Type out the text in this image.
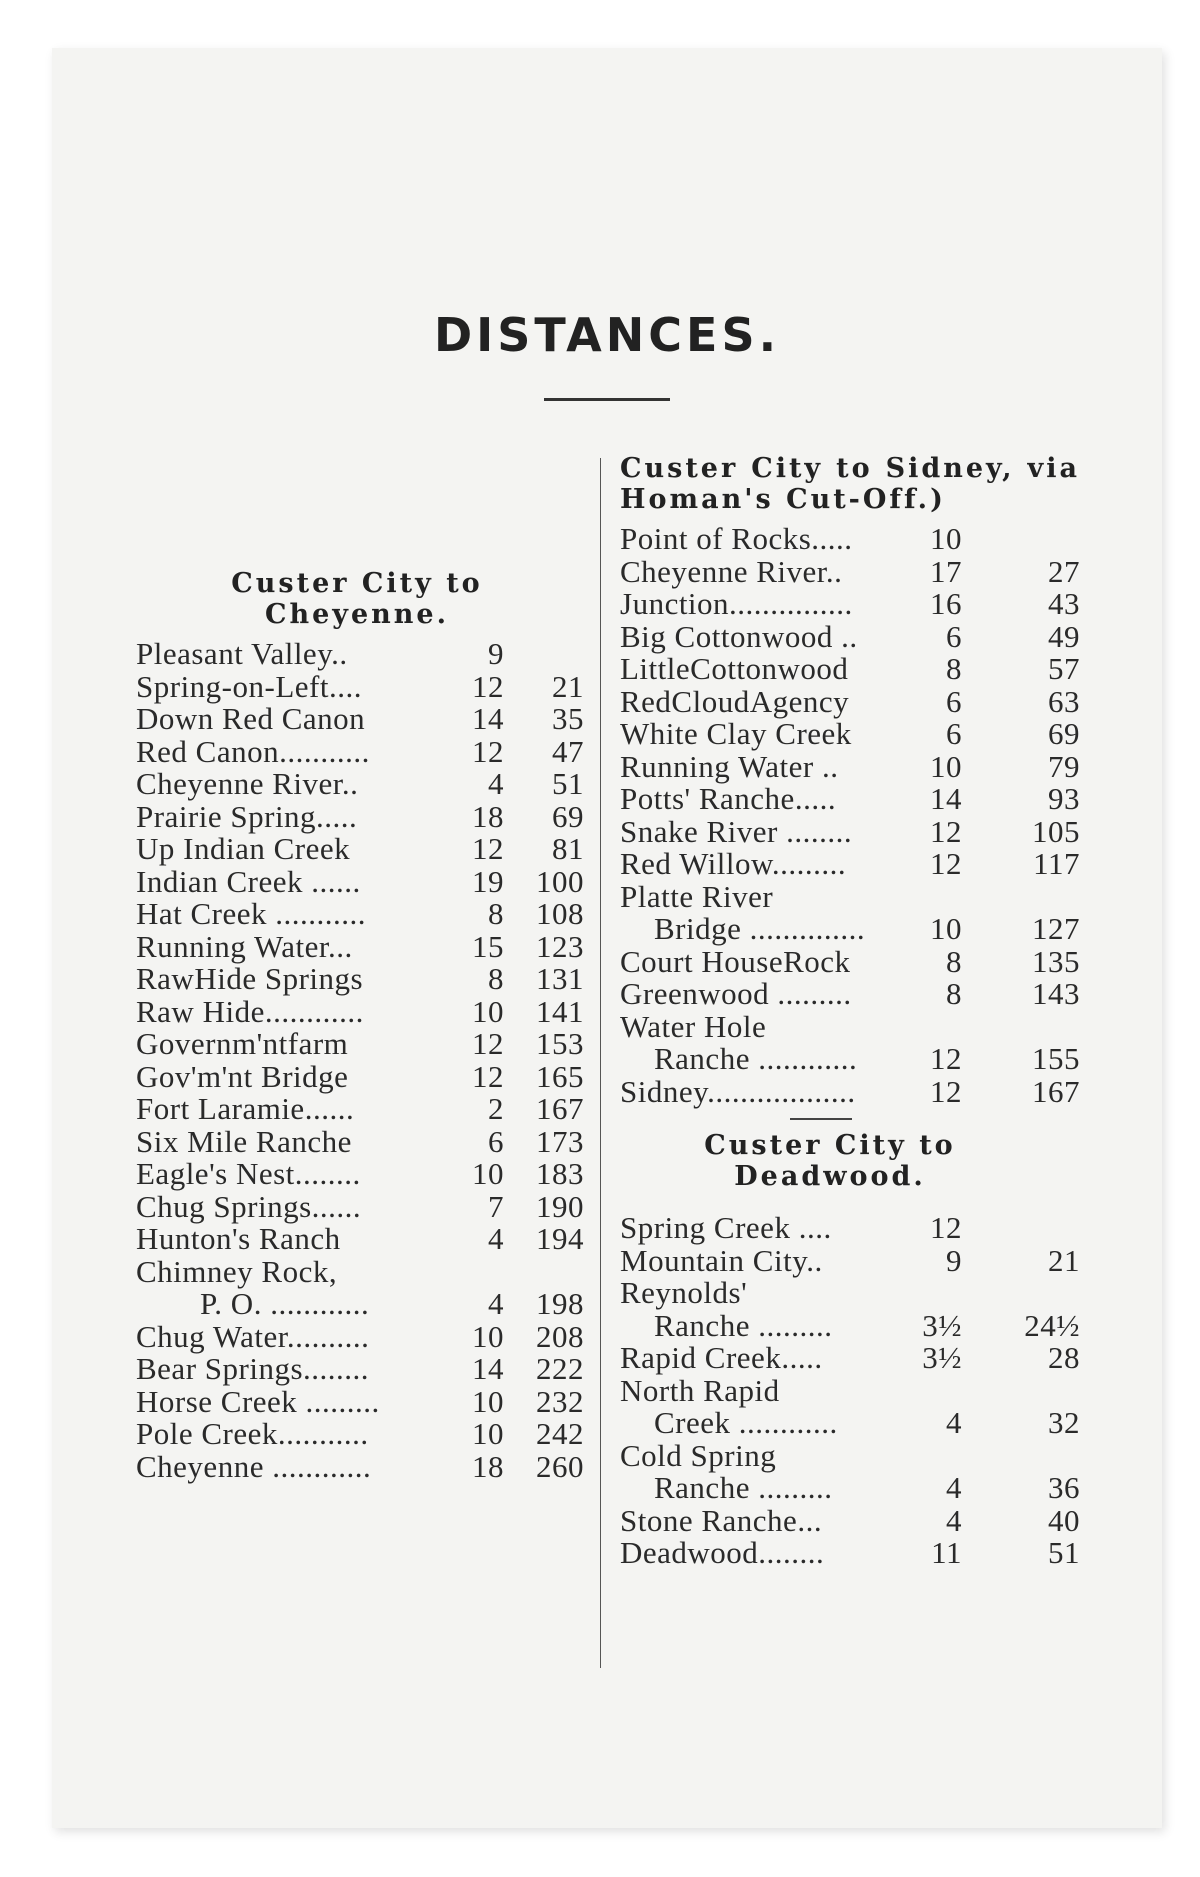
DISTANCES.
Custer City to Cheyenne.
Pleasant Valley..	9
Spring-on-Left....	12 21
Down Red Canon	14 35
Red Canon...........	12 47
Cheyenne River..	4 51
Prairie Spring.....	18 69
Up Indian Creek	12 81
Indian Creek ......	19 100
Hat Creek ...........	8 108
Running Water...	15 123
RawHide Springs	8 131
Raw Hide............	10 141
Governm'ntfarm	12 153
Gov'm'nt Bridge	12 165
Fort Laramie......	2 167
Six Mile Ranche	6 173
Eagle's Nest........	10 183
Chug Springs......	7 190
Hunton's Ranch	4 194
Chimney Rock,
P. O. ............	4 198
Chug Water..........	10 208
Bear Springs........	14 222
Horse Creek .........	10 232
Pole Creek...........	10 242
Cheyenne ............	18 260
Custer City to Sidney, via Homan's Cut-Off.)
Point of Rocks..... 10
Cheyenne River..	17	27
Junction............... 16	43
Big Cottonwood ..	6	49
LittleCottonwood	8	57
RedCloudAgency	6	63
White Clay Creek	6	69
Running Water ..	10	79
Potts' Ranche.....	14	93
Snake River ........	12 105
Red Willow.........	12 117
Platte River
Bridge .............. 10 127
Court HouseRock	8 135
Greenwood .........	8 143
Water Hole
Ranche ............ 12 155
Sidney.................. 12 167
Custer City to Deadwood.
Spring Creek ....	12
Mountain City..	9	21
Reynolds'
Ranche .........	3½ 24½
Rapid Creek.....	3½	28
North Rapid
Creek ............	4	32
Cold Spring
Ranche .........	4	36
Stone Ranche...	4	40
Deadwood........	11	51
